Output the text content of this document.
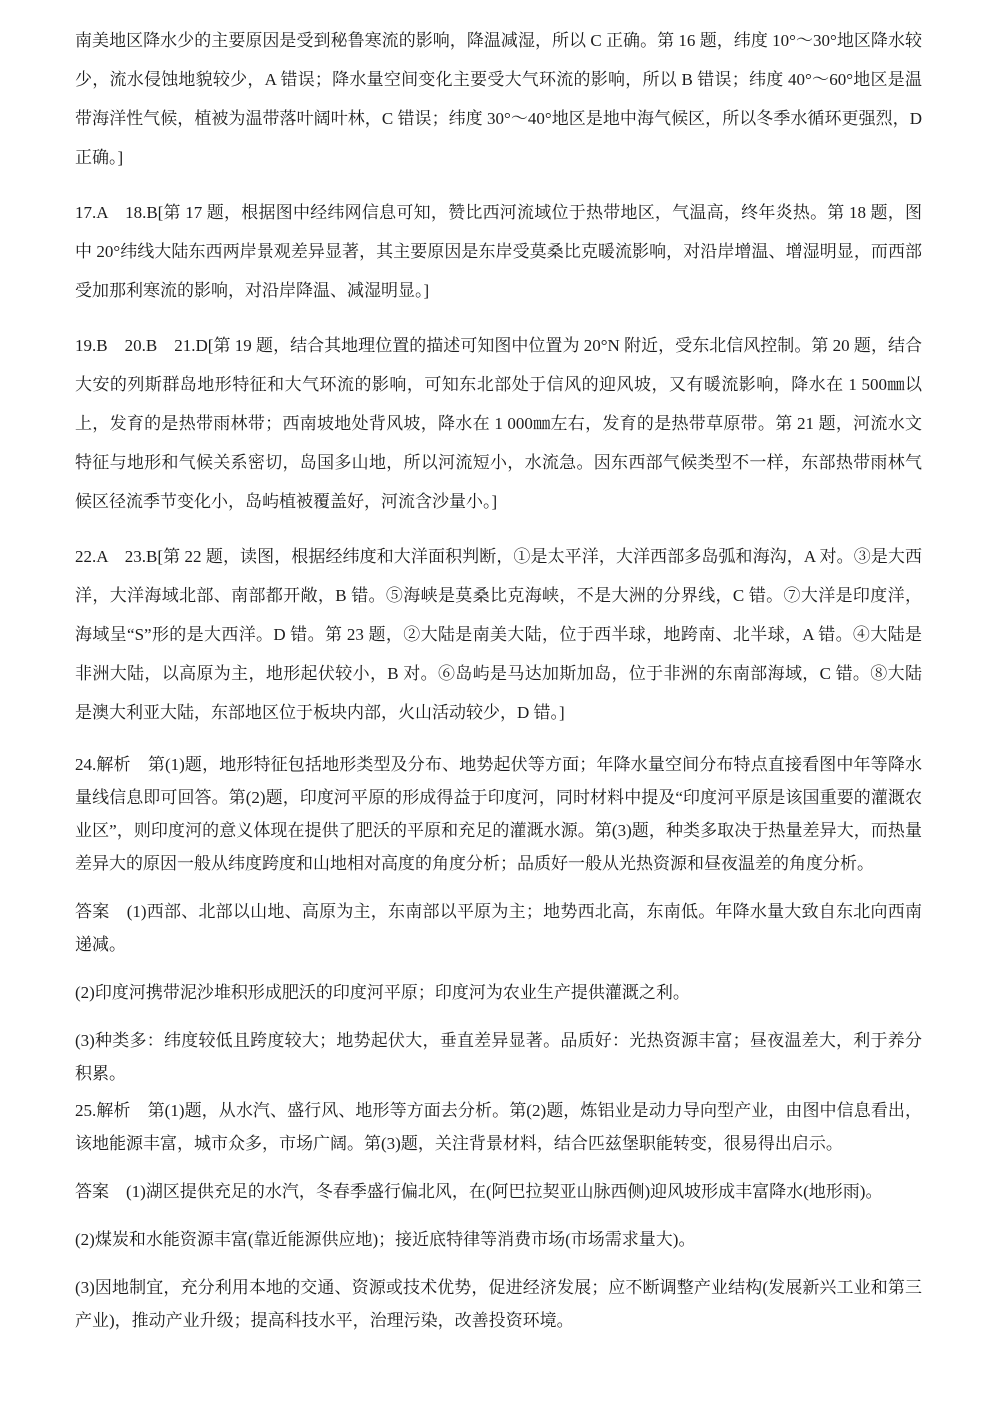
南美地区降水少的主要原因是受到秘鲁寒流的影响，降温减湿，所以 C 正确。第 16 题，纬度 10°～30°地区降水较少，流水侵蚀地貌较少，A 错误；降水量空间变化主要受大气环流的影响，所以 B 错误；纬度 40°～60°地区是温带海洋性气候，植被为温带落叶阔叶林，C 错误；纬度 30°～40°地区是地中海气候区，所以冬季水循环更强烈，D 正确。]

17.A　18.B[第 17 题，根据图中经纬网信息可知，赞比西河流域位于热带地区，气温高，终年炎热。第 18 题，图中 20°纬线大陆东西两岸景观差异显著，其主要原因是东岸受莫桑比克暖流影响，对沿岸增温、增湿明显，而西部受加那利寒流的影响，对沿岸降温、减湿明显。]

19.B　20.B　21.D[第 19 题，结合其地理位置的描述可知图中位置为 20°N 附近，受东北信风控制。第 20 题，结合大安的列斯群岛地形特征和大气环流的影响，可知东北部处于信风的迎风坡，又有暖流影响，降水在 1 500㎜以上，发育的是热带雨林带；西南坡地处背风坡，降水在 1 000㎜左右，发育的是热带草原带。第 21 题，河流水文特征与地形和气候关系密切，岛国多山地，所以河流短小，水流急。因东西部气候类型不一样，东部热带雨林气候区径流季节变化小，岛屿植被覆盖好，河流含沙量小。]

22.A　23.B[第 22 题，读图，根据经纬度和大洋面积判断，①是太平洋，大洋西部多岛弧和海沟，A 对。③是大西洋，大洋海域北部、南部都开敞，B 错。⑤海峡是莫桑比克海峡，不是大洲的分界线，C 错。⑦大洋是印度洋，海域呈“S”形的是大西洋。D 错。第 23 题，②大陆是南美大陆，位于西半球，地跨南、北半球，A 错。④大陆是非洲大陆，以高原为主，地形起伏较小，B 对。⑥岛屿是马达加斯加岛，位于非洲的东南部海域，C 错。⑧大陆是澳大利亚大陆，东部地区位于板块内部，火山活动较少，D 错。]

24.解析　第(1)题，地形特征包括地形类型及分布、地势起伏等方面；年降水量空间分布特点直接看图中年等降水量线信息即可回答。第(2)题，印度河平原的形成得益于印度河，同时材料中提及“印度河平原是该国重要的灌溉农业区”，则印度河的意义体现在提供了肥沃的平原和充足的灌溉水源。第(3)题，种类多取决于热量差异大，而热量差异大的原因一般从纬度跨度和山地相对高度的角度分析；品质好一般从光热资源和昼夜温差的角度分析。

答案　(1)西部、北部以山地、高原为主，东南部以平原为主；地势西北高，东南低。年降水量大致自东北向西南递减。

(2)印度河携带泥沙堆积形成肥沃的印度河平原；印度河为农业生产提供灌溉之利。

(3)种类多：纬度较低且跨度较大；地势起伏大，垂直差异显著。品质好：光热资源丰富；昼夜温差大，利于养分积累。

25.解析　第(1)题，从水汽、盛行风、地形等方面去分析。第(2)题，炼铝业是动力导向型产业，由图中信息看出，该地能源丰富，城市众多，市场广阔。第(3)题，关注背景材料，结合匹兹堡职能转变，很易得出启示。

答案　(1)湖区提供充足的水汽，冬春季盛行偏北风，在(阿巴拉契亚山脉西侧)迎风坡形成丰富降水(地形雨)。

(2)煤炭和水能资源丰富(靠近能源供应地)；接近底特律等消费市场(市场需求量大)。

(3)因地制宜，充分利用本地的交通、资源或技术优势，促进经济发展；应不断调整产业结构(发展新兴工业和第三产业)，推动产业升级；提高科技水平，治理污染，改善投资环境。
